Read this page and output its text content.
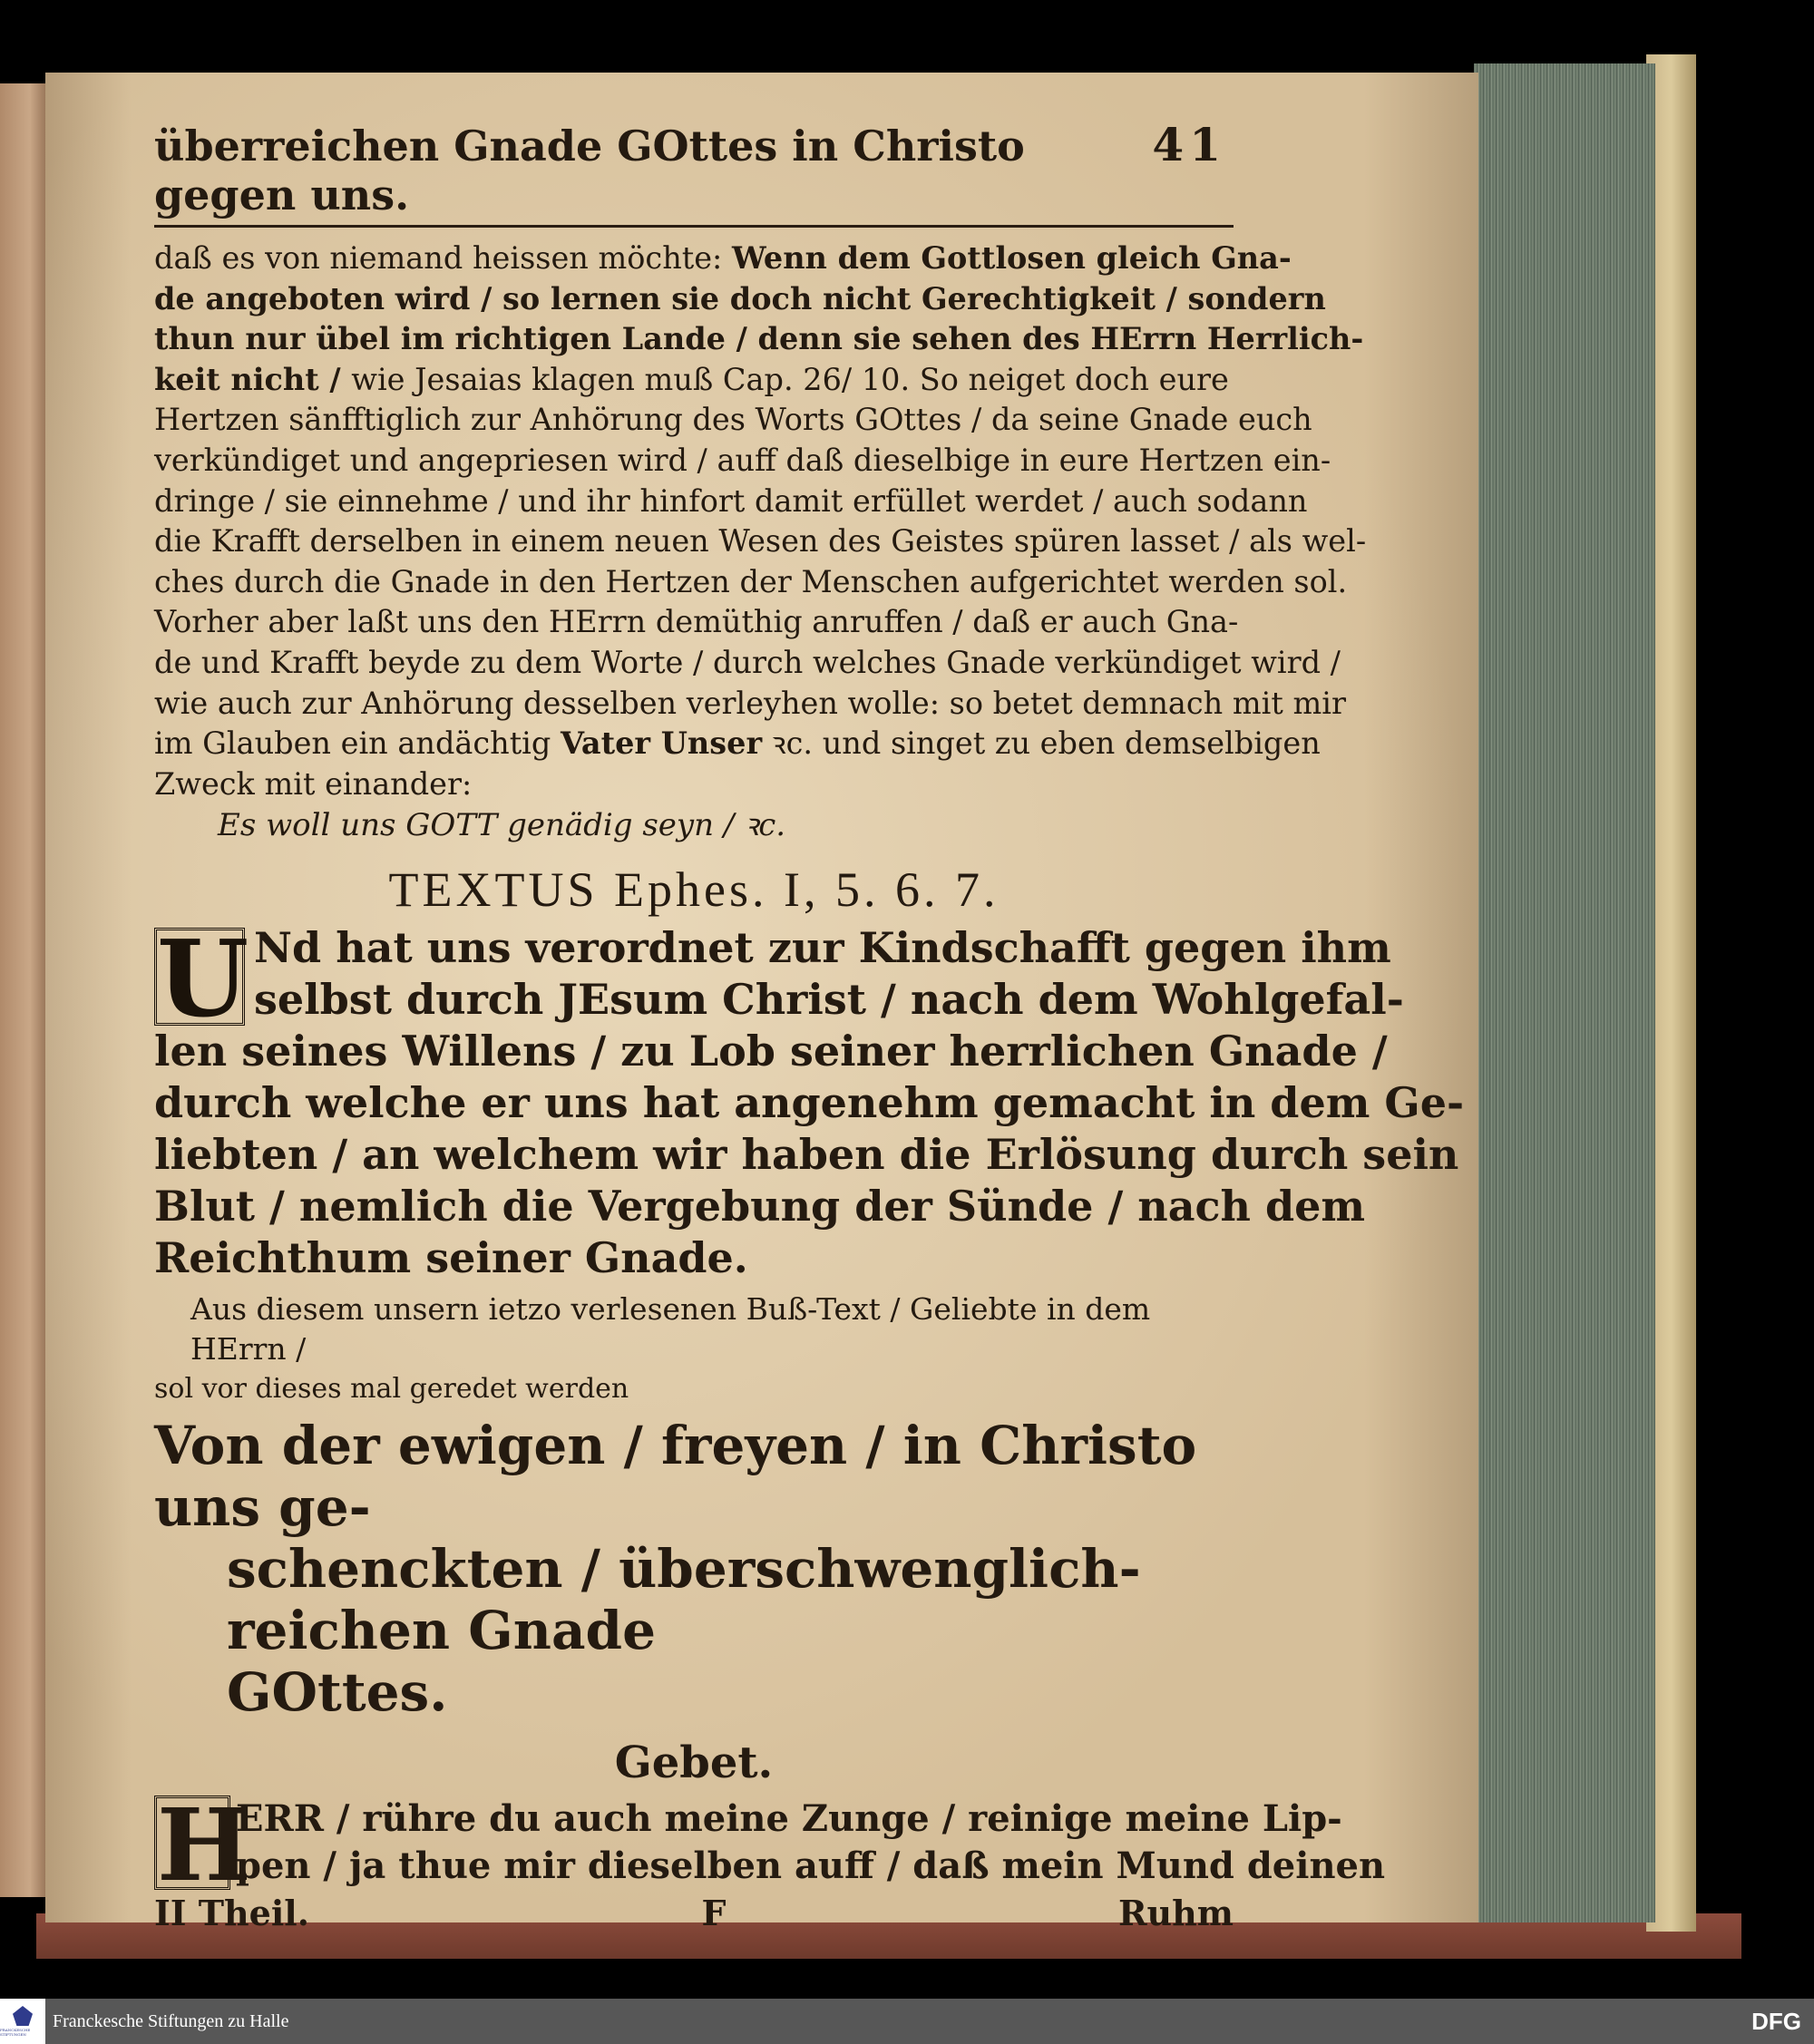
überreichen Gnade GOttes in Christo gegen uns.
41
daß es von niemand heissen möchte: Wenn dem Gottlosen gleich Gna-
de angeboten wird / so lernen sie doch nicht Gerechtigkeit / sondern
thun nur übel im richtigen Lande / denn sie sehen des HErrn Herrlich-
keit nicht / wie Jesaias klagen muß Cap. 26/ 10. So neiget doch eure
Hertzen sänfftiglich zur Anhörung des Worts GOttes / da seine Gnade euch
verkündiget und angepriesen wird / auff daß dieselbige in eure Hertzen ein-
dringe / sie einnehme / und ihr hinfort damit erfüllet werdet / auch sodann
die Krafft derselben in einem neuen Wesen des Geistes spüren lasset / als wel-
ches durch die Gnade in den Hertzen der Menschen aufgerichtet werden sol.
Vorher aber laßt uns den HErrn demüthig anruffen / daß er auch Gna-
de und Krafft beyde zu dem Worte / durch welches Gnade verkündiget wird /
wie auch zur Anhörung desselben verleyhen wolle: so betet demnach mit mir
im Glauben ein andächtig Vater Unser ꝛc. und singet zu eben demselbigen
Zweck mit einander:
Es woll uns GOTT genädig seyn / ꝛc.
TEXTUS Ephes. I, 5. 6. 7.
U Nd hat uns verordnet zur Kindschafft gegen ihm
selbst durch JEsum Christ / nach dem Wohlgefal-
len seines Willens / zu Lob seiner herrlichen Gnade /
durch welche er uns hat angenehm gemacht in dem Ge-
liebten / an welchem wir haben die Erlösung durch sein
Blut / nemlich die Vergebung der Sünde / nach dem
Reichthum seiner Gnade.
Aus diesem unsern ietzo verlesenen Buß-Text / Geliebte in dem HErrn /
sol vor dieses mal geredet werden
Von der ewigen / freyen / in Christo uns ge-
schenckten / überschwenglich-reichen Gnade
GOttes.
Gebet.
H
ERR / rühre du auch meine Zunge / reinige meine Lip-
pen / ja thue mir dieselben auff / daß mein Mund deinen
II Theil.	F	Ruhm
FRANCKESCHE STIFTUNGEN
Franckesche Stiftungen zu Halle	DFG
